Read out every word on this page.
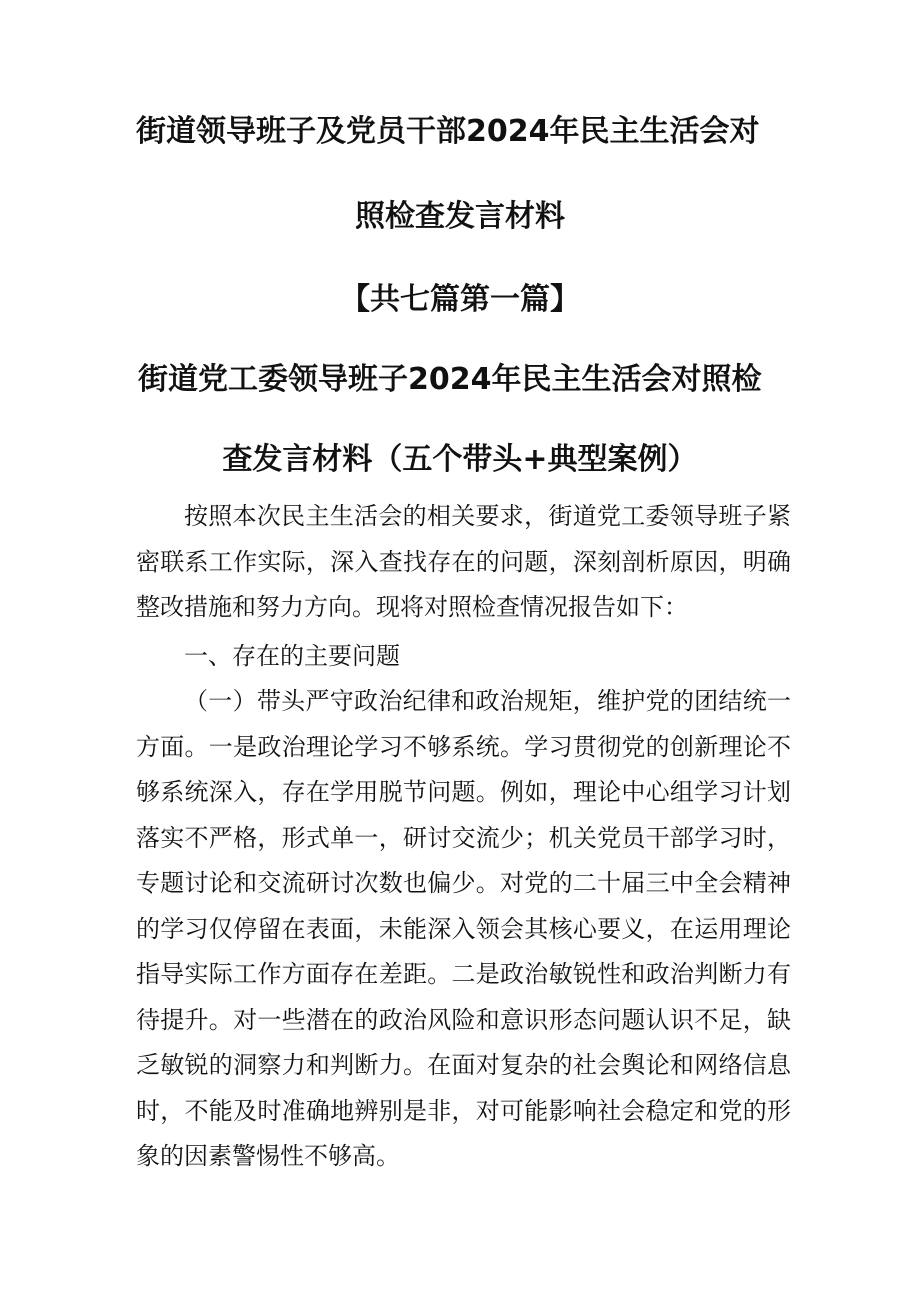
街道领导班子及党员干部2024年民主生活会对
照检查发言材料
【共七篇第一篇】
街道党工委领导班子2024年民主生活会对照检
查发言材料（五个带头+典型案例）
按照本次民主生活会的相关要求，街道党工委领导班子紧密联系工作实际，深入查找存在的问题，深刻剖析原因，明确整改措施和努力方向。现将对照检查情况报告如下：
一、存在的主要问题
（一）带头严守政治纪律和政治规矩，维护党的团结统一方面。一是政治理论学习不够系统。学习贯彻党的创新理论不够系统深入，存在学用脱节问题。例如，理论中心组学习计划落实不严格，形式单一，研讨交流少；机关党员干部学习时，专题讨论和交流研讨次数也偏少。对党的二十届三中全会精神的学习仅停留在表面，未能深入领会其核心要义，在运用理论指导实际工作方面存在差距。二是政治敏锐性和政治判断力有待提升。对一些潜在的政治风险和意识形态问题认识不足，缺乏敏锐的洞察力和判断力。在面对复杂的社会舆论和网络信息时，不能及时准确地辨别是非，对可能影响社会稳定和党的形象的因素警惕性不够高。
